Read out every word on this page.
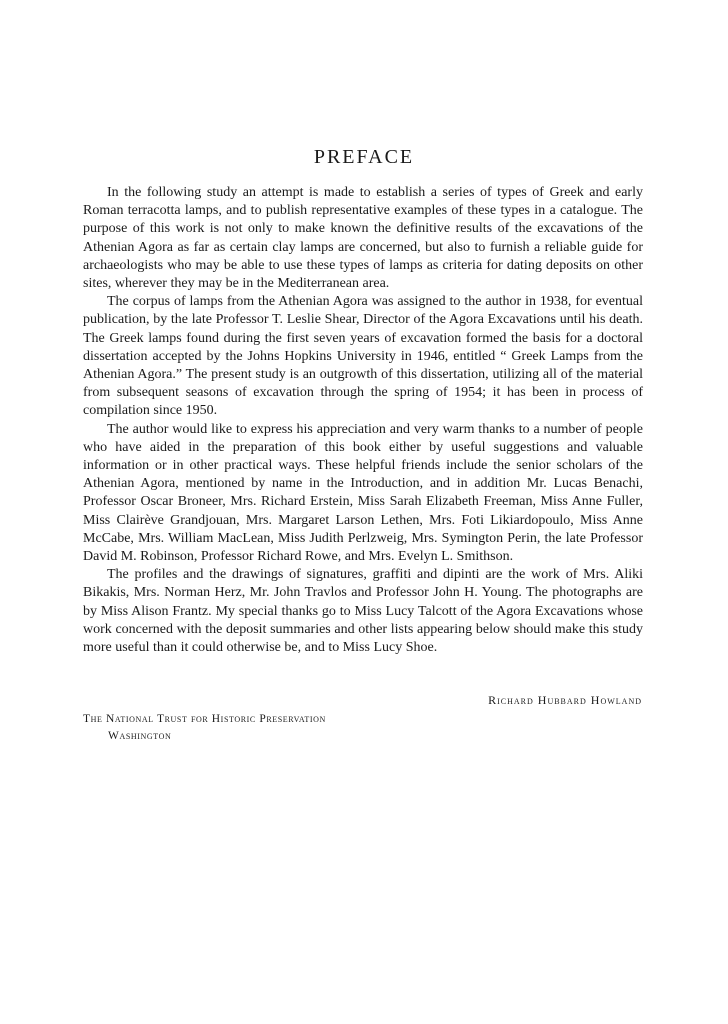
PREFACE

In the following study an attempt is made to establish a series of types of Greek and early Roman terracotta lamps, and to publish representative examples of these types in a catalogue. The purpose of this work is not only to make known the definitive results of the excavations of the Athenian Agora as far as certain clay lamps are concerned, but also to furnish a reliable guide for archaeologists who may be able to use these types of lamps as criteria for dating deposits on other sites, wherever they may be in the Mediterranean area.

The corpus of lamps from the Athenian Agora was assigned to the author in 1938, for eventual publication, by the late Professor T. Leslie Shear, Director of the Agora Excavations until his death. The Greek lamps found during the first seven years of excavation formed the basis for a doctoral dissertation accepted by the Johns Hopkins University in 1946, entitled “ Greek Lamps from the Athenian Agora.” The present study is an outgrowth of this dissertation, utilizing all of the material from subsequent seasons of excavation through the spring of 1954; it has been in process of compilation since 1950.

The author would like to express his appreciation and very warm thanks to a number of people who have aided in the preparation of this book either by useful suggestions and valuable information or in other practical ways. These helpful friends include the senior scholars of the Athenian Agora, mentioned by name in the Introduction, and in addition Mr. Lucas Benachi, Professor Oscar Broneer, Mrs. Richard Erstein, Miss Sarah Elizabeth Freeman, Miss Anne Fuller, Miss Clairève Grandjouan, Mrs. Margaret Larson Lethen, Mrs. Foti Likiardopoulo, Miss Anne McCabe, Mrs. William MacLean, Miss Judith Perlzweig, Mrs. Symington Perin, the late Professor David M. Robinson, Professor Richard Rowe, and Mrs. Evelyn L. Smithson.

The profiles and the drawings of signatures, graffiti and dipinti are the work of Mrs. Aliki Bikakis, Mrs. Norman Herz, Mr. John Travlos and Professor John H. Young. The photographs are by Miss Alison Frantz. My special thanks go to Miss Lucy Talcott of the Agora Excavations whose work concerned with the deposit summaries and other lists appearing below should make this study more useful than it could otherwise be, and to Miss Lucy Shoe.

Richard Hubbard Howland
The National Trust for Historic Preservation
Washington
